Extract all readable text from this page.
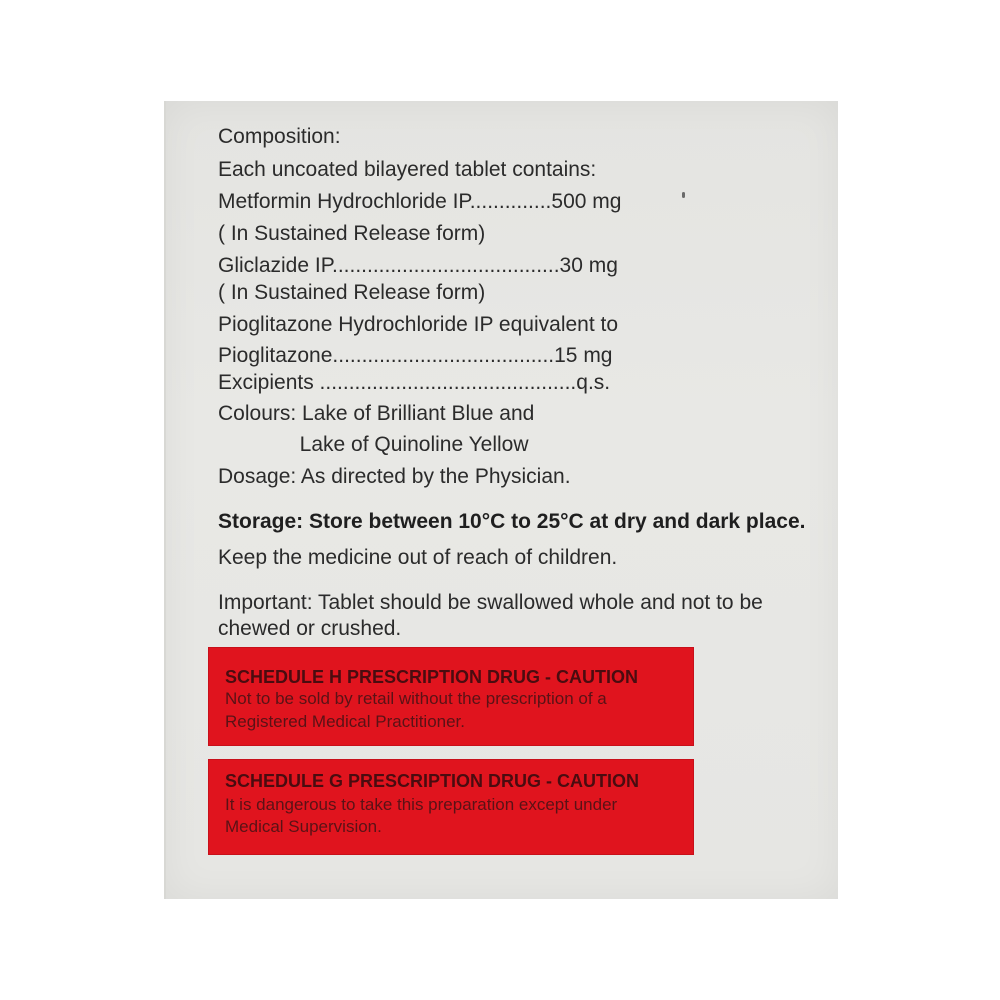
Composition:
Each uncoated bilayered tablet contains:
Metformin Hydrochloride IP..............500 mg
( In Sustained Release form)
Gliclazide IP.......................................30 mg
( In Sustained Release form)
Pioglitazone Hydrochloride IP equivalent to
Pioglitazone......................................15 mg
Excipients ............................................q.s.
Colours: Lake of Brilliant Blue and
Lake of Quinoline Yellow
Dosage: As directed by the Physician.
Storage: Store between 10°C to 25°C at dry and dark place.
Keep the medicine out of reach of children.
Important: Tablet should be swallowed whole and not to be
chewed or crushed.
SCHEDULE H PRESCRIPTION DRUG - CAUTION
Not to be sold by retail without the prescription of a
Registered Medical Practitioner.
SCHEDULE G PRESCRIPTION DRUG - CAUTION
It is dangerous to take this preparation except under
Medical Supervision.
